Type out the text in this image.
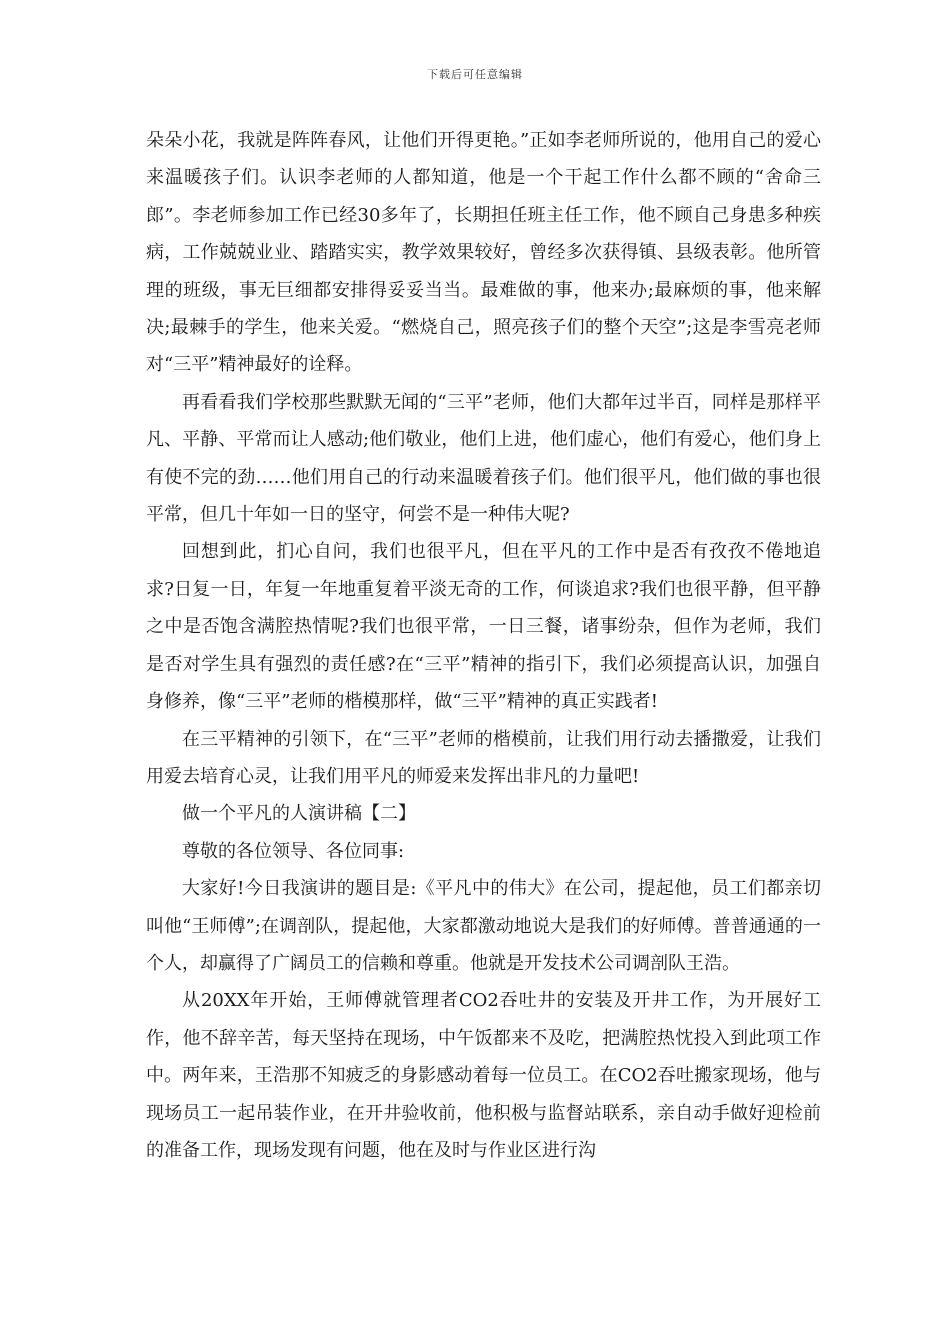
下载后可任意编辑

朵朵小花，我就是阵阵春风，让他们开得更艳。”正如李老师所说的，他用自己的爱心来温暖孩子们。认识李老师的人都知道，他是一个干起工作什么都不顾的“舍命三郎”。李老师参加工作已经30多年了，长期担任班主任工作，他不顾自己身患多种疾病，工作兢兢业业、踏踏实实，教学效果较好，曾经多次获得镇、县级表彰。他所管理的班级，事无巨细都安排得妥妥当当。最难做的事，他来办;最麻烦的事，他来解决;最棘手的学生，他来关爱。“燃烧自己，照亮孩子们的整个天空”;这是李雪亮老师对“三平”精神最好的诠释。

再看看我们学校那些默默无闻的“三平”老师，他们大都年过半百，同样是那样平凡、平静、平常而让人感动;他们敬业，他们上进，他们虚心，他们有爱心，他们身上有使不完的劲……他们用自己的行动来温暖着孩子们。他们很平凡，他们做的事也很平常，但几十年如一日的坚守，何尝不是一种伟大呢?

回想到此，扪心自问，我们也很平凡，但在平凡的工作中是否有孜孜不倦地追求?日复一日，年复一年地重复着平淡无奇的工作，何谈追求?我们也很平静，但平静之中是否饱含满腔热情呢?我们也很平常，一日三餐，诸事纷杂，但作为老师，我们是否对学生具有强烈的责任感?在“三平”精神的指引下，我们必须提高认识，加强自身修养，像“三平”老师的楷模那样，做“三平”精神的真正实践者!

在三平精神的引领下，在“三平”老师的楷模前，让我们用行动去播撒爱，让我们用爱去培育心灵，让我们用平凡的师爱来发挥出非凡的力量吧!

做一个平凡的人演讲稿【二】

尊敬的各位领导、各位同事:

大家好!今日我演讲的题目是:《平凡中的伟大》在公司，提起他，员工们都亲切叫他“王师傅”;在调剖队，提起他，大家都激动地说大是我们的好师傅。普普通通的一个人，却赢得了广阔员工的信赖和尊重。他就是开发技术公司调剖队王浩。

从20XX年开始，王师傅就管理者CO2吞吐井的安装及开井工作，为开展好工作，他不辞辛苦，每天坚持在现场，中午饭都来不及吃，把满腔热忱投入到此项工作中。两年来，王浩那不知疲乏的身影感动着每一位员工。在CO2吞吐搬家现场，他与现场员工一起吊装作业，在开井验收前，他积极与监督站联系，亲自动手做好迎检前的准备工作，现场发现有问题，他在及时与作业区进行沟
